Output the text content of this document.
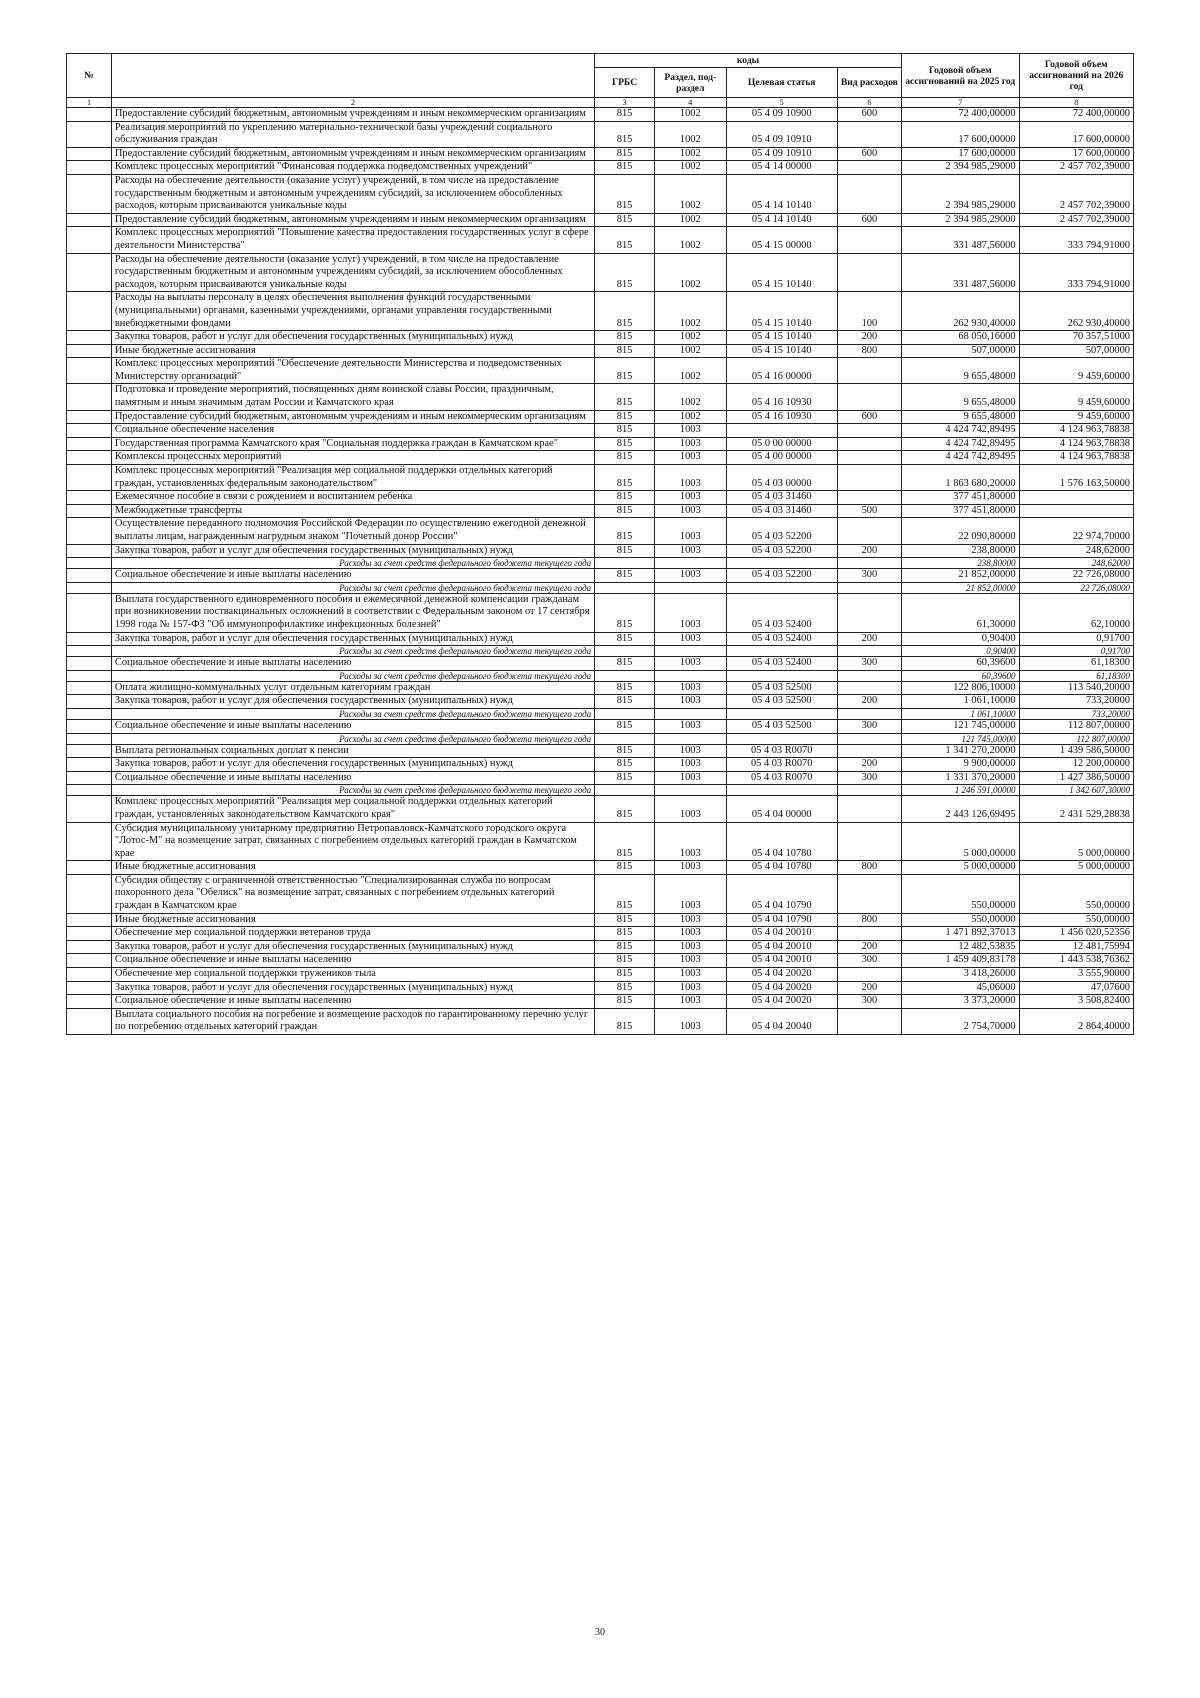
№		коды				Годовой объем ассигнований на 2025 год	Годовой объем ассигнований на 2026 год
		ГРБС	Раздел, под-раздел	Целевая статья	Вид расходов		
1	2	3	4	5	6	7	8
	Предоставление субсидий бюджетным, автономным учреждениям и иным некоммерческим организациям	815	1002	05 4 09 10900	600	72 400,00000	72 400,00000
	Реализация мероприятий по укреплению материально-технической базы учреждений социального обслуживания граждан	815	1002	05 4 09 10910		17 600,00000	17 600,00000
	Предоставление субсидий бюджетным, автономным учреждениям и иным некоммерческим организациям	815	1002	05 4 09 10910	600	17 600,00000	17 600,00000
	Комплекс процессных мероприятий "Финансовая поддержка подведомственных учреждений"	815	1002	05 4 14 00000		2 394 985,29000	2 457 702,39000
	Расходы на обеспечение деятельности (оказание услуг) учреждений, в том числе на предоставление государственным бюджетным и автономным учреждениям субсидий, за исключением обособленных расходов, которым присваиваются уникальные коды	815	1002	05 4 14 10140		2 394 985,29000	2 457 702,39000
	Предоставление субсидий бюджетным, автономным учреждениям и иным некоммерческим организациям	815	1002	05 4 14 10140	600	2 394 985,29000	2 457 702,39000
	Комплекс процессных мероприятий "Повышение качества предоставления государственных услуг в сфере деятельности Министерства"	815	1002	05 4 15 00000		331 487,56000	333 794,91000
	Расходы на обеспечение деятельности (оказание услуг) учреждений, в том числе на предоставление государственным бюджетным и автономным учреждениям субсидий, за исключением обособленных расходов, которым присваиваются уникальные коды	815	1002	05 4 15 10140		331 487,56000	333 794,91000
	Расходы на выплаты персоналу в целях обеспечения выполнения функций государственными (муниципальными) органами, казенными учреждениями, органами управления государственными внебюджетными фондами	815	1002	05 4 15 10140	100	262 930,40000	262 930,40000
	Закупка товаров, работ и услуг для обеспечения государственных (муниципальных) нужд	815	1002	05 4 15 10140	200	68 050,16000	70 357,51000
	Иные бюджетные ассигнования	815	1002	05 4 15 10140	800	507,00000	507,00000
	Комплекс процессных мероприятий "Обеспечение деятельности Министерства и подведомственных Министерству организаций"	815	1002	05 4 16 00000		9 655,48000	9 459,60000
	Подготовка и проведение мероприятий, посвященных дням воинской славы России, праздничным, памятным и иным значимым датам России и Камчатского края	815	1002	05 4 16 10930		9 655,48000	9 459,60000
	Предоставление субсидий бюджетным, автономным учреждениям и иным некоммерческим организациям	815	1002	05 4 16 10930	600	9 655,48000	9 459,60000
	Социальное обеспечение населения	815	1003			4 424 742,89495	4 124 963,78838
	Государственная программа Камчатского края "Социальная поддержка граждан в Камчатском крае"	815	1003	05 0 00 00000		4 424 742,89495	4 124 963,78838
	Комплексы процессных мероприятий	815	1003	05 4 00 00000		4 424 742,89495	4 124 963,78838
	Комплекс процессных мероприятий "Реализация мер социальной поддержки отдельных категорий граждан, установленных федеральным законодательством"	815	1003	05 4 03 00000		1 863 680,20000	1 576 163,50000
	Ежемесячное пособие в связи с рождением и воспитанием ребенка	815	1003	05 4 03 31460		377 451,80000	
	Межбюджетные трансферты	815	1003	05 4 03 31460	500	377 451,80000	
	Осуществление переданного полномочия Российской Федерации по осуществлению ежегодной денежной выплаты лицам, награжденным нагрудным знаком "Почетный донор России"	815	1003	05 4 03 52200		22 090,80000	22 974,70000
	Закупка товаров, работ и услуг для обеспечения государственных (муниципальных) нужд	815	1003	05 4 03 52200	200	238,80000	248,62000
	Расходы за счет средств федерального бюджета текущего года					238,80000	248,62000
	Социальное обеспечение и иные выплаты населению	815	1003	05 4 03 52200	300	21 852,00000	22 726,08000
	Расходы за счет средств федерального бюджета текущего года					21 852,00000	22 726,08000
	Выплата государственного единовременного пособия и ежемесячной денежной компенсации гражданам при возникновении поствакцинальных осложнений в соответствии с Федеральным законом от 17 сентября 1998 года № 157-ФЗ "Об иммунопрофилактике инфекционных болезней"	815	1003	05 4 03 52400		61,30000	62,10000
	Закупка товаров, работ и услуг для обеспечения государственных (муниципальных) нужд	815	1003	05 4 03 52400	200	0,90400	0,91700
	Расходы за счет средств федерального бюджета текущего года					0,90400	0,91700
	Социальное обеспечение и иные выплаты населению	815	1003	05 4 03 52400	300	60,39600	61,18300
	Расходы за счет средств федерального бюджета текущего года					60,39600	61,18300
	Оплата жилищно-коммунальных услуг отдельным категориям граждан	815	1003	05 4 03 52500		122 806,10000	113 540,20000
	Закупка товаров, работ и услуг для обеспечения государственных (муниципальных) нужд	815	1003	05 4 03 52500	200	1 061,10000	733,20000
	Расходы за счет средств федерального бюджета текущего года					1 061,10000	733,20000
	Социальное обеспечение и иные выплаты населению	815	1003	05 4 03 52500	300	121 745,00000	112 807,00000
	Расходы за счет средств федерального бюджета текущего года					121 745,00000	112 807,00000
	Выплата региональных социальных доплат к пенсии	815	1003	05 4 03 R0070		1 341 270,20000	1 439 586,50000
	Закупка товаров, работ и услуг для обеспечения государственных (муниципальных) нужд	815	1003	05 4 03 R0070	200	9 900,00000	12 200,00000
	Социальное обеспечение и иные выплаты населению	815	1003	05 4 03 R0070	300	1 331 370,20000	1 427 386,50000
	Расходы за счет средств федерального бюджета текущего года					1 246 591,00000	1 342 607,30000
	Комплекс процессных мероприятий "Реализация мер социальной поддержки отдельных категорий граждан, установленных законодательством Камчатского края"	815	1003	05 4 04 00000		2 443 126,69495	2 431 529,28838
	Субсидия муниципальному унитарному предприятию Петропавловск-Камчатского городского округа "Лотос-М" на возмещение затрат, связанных с погребением отдельных категорий граждан в Камчатском крае	815	1003	05 4 04 10780		5 000,00000	5 000,00000
	Иные бюджетные ассигнования	815	1003	05 4 04 10780	800	5 000,00000	5 000,00000
	Субсидия обществу с ограниченной ответственностью "Специализированная служба по вопросам похоронного дела "Обелиск" на возмещение затрат, связанных с погребением отдельных категорий граждан в Камчатском крае	815	1003	05 4 04 10790		550,00000	550,00000
	Иные бюджетные ассигнования	815	1003	05 4 04 10790	800	550,00000	550,00000
	Обеспечение мер социальной поддержки ветеранов труда	815	1003	05 4 04 20010		1 471 892,37013	1 456 020,52356
	Закупка товаров, работ и услуг для обеспечения государственных (муниципальных) нужд	815	1003	05 4 04 20010	200	12 482,53835	12 481,75994
	Социальное обеспечение и иные выплаты населению	815	1003	05 4 04 20010	300	1 459 409,83178	1 443 538,76362
	Обеспечение мер социальной поддержки тружеников тыла	815	1003	05 4 04 20020		3 418,26000	3 555,90000
	Закупка товаров, работ и услуг для обеспечения государственных (муниципальных) нужд	815	1003	05 4 04 20020	200	45,06000	47,07600
	Социальное обеспечение и иные выплаты населению	815	1003	05 4 04 20020	300	3 373,20000	3 508,82400
	Выплата социального пособия на погребение и возмещение расходов по гарантированному перечню услуг по погребению отдельных категорий граждан	815	1003	05 4 04 20040		2 754,70000	2 864,40000
30
